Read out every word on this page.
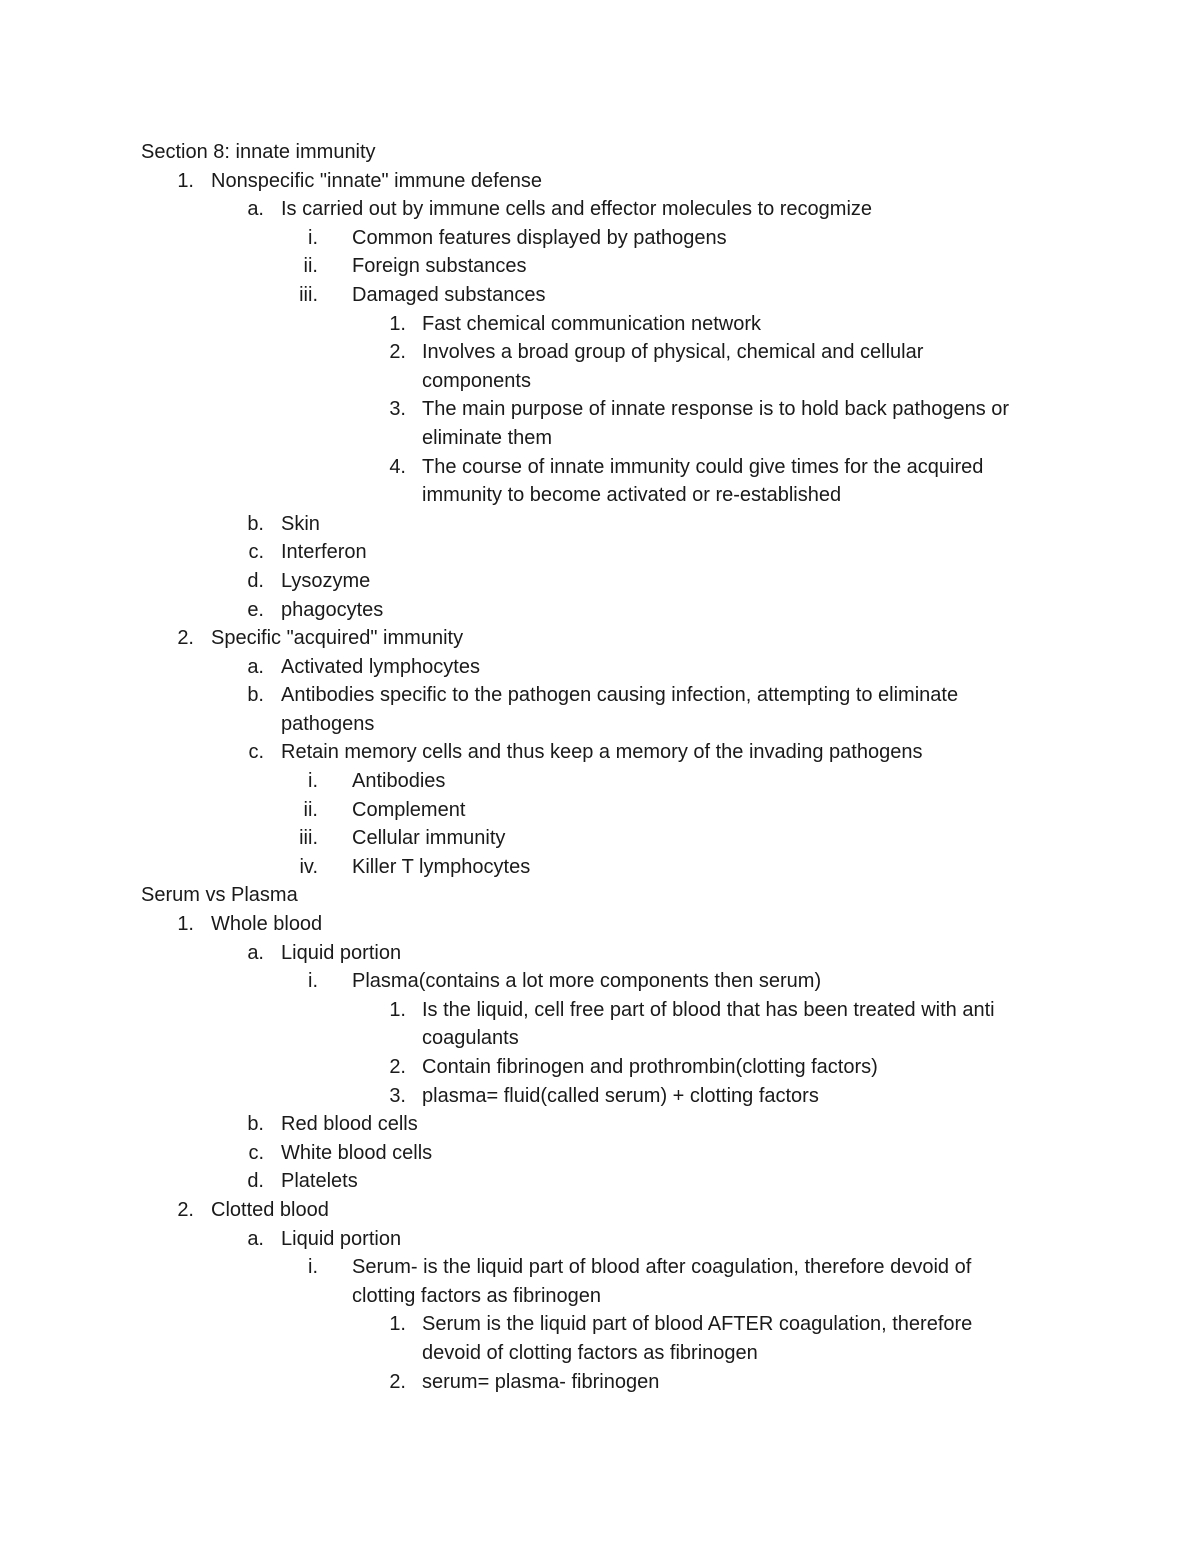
Section 8: innate immunity
1. Nonspecific "innate" immune defense
a. Is carried out by immune cells and effector molecules to recogmize
i. Common features displayed by pathogens
ii. Foreign substances
iii. Damaged substances
1. Fast chemical communication network
2. Involves a broad group of physical, chemical and cellular
components
3. The main purpose of innate response is to hold back pathogens or
eliminate them
4. The course of innate immunity could give times for the acquired
immunity to become activated or re-established
b. Skin
c. Interferon
d. Lysozyme
e. phagocytes
2. Specific "acquired" immunity
a. Activated lymphocytes
b. Antibodies specific to the pathogen causing infection, attempting to eliminate
pathogens
c. Retain memory cells and thus keep a memory of the invading pathogens
i. Antibodies
ii. Complement
iii. Cellular immunity
iv. Killer T lymphocytes
Serum vs Plasma
1. Whole blood
a. Liquid portion
i. Plasma(contains a lot more components then serum)
1. Is the liquid, cell free part of blood that has been treated with anti
coagulants
2. Contain fibrinogen and prothrombin(clotting factors)
3. plasma= fluid(called serum) + clotting factors
b. Red blood cells
c. White blood cells
d. Platelets
2. Clotted blood
a. Liquid portion
i. Serum- is the liquid part of blood after coagulation, therefore devoid of
clotting factors as fibrinogen
1. Serum is the liquid part of blood AFTER coagulation, therefore
devoid of clotting factors as fibrinogen
2. serum= plasma- fibrinogen
